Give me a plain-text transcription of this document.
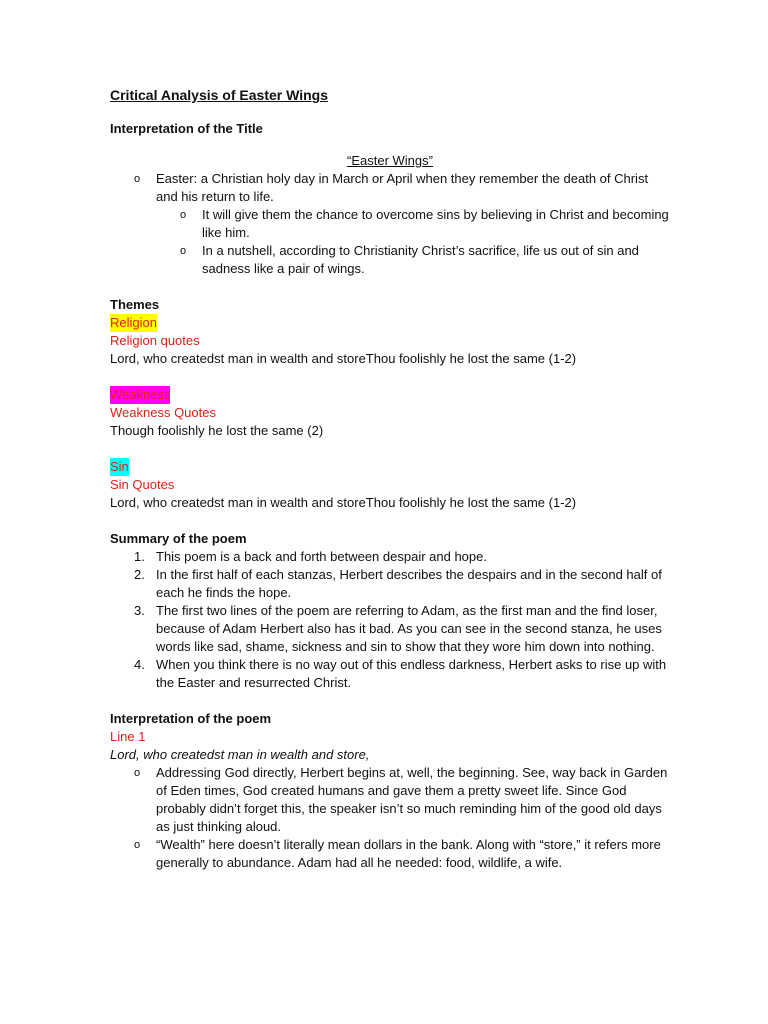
Critical Analysis of Easter Wings
Interpretation of the Title
“Easter Wings”
o Easter: a Christian holy day in March or April when they remember the death of Christ and his return to life.
o It will give them the chance to overcome sins by believing in Christ and becoming like him.
o In a nutshell, according to Christianity Christ’s sacrifice, life us out of sin and sadness like a pair of wings.
Themes
Religion
Religion quotes
Lord, who createdst man in wealth and storeThou foolishly he lost the same (1-2)
Weakness
Weakness Quotes
Though foolishly he lost the same (2)
Sin
Sin Quotes
Lord, who createdst man in wealth and storeThou foolishly he lost the same (1-2)
Summary of the poem
1. This poem is a back and forth between despair and hope.
2. In the first half of each stanzas, Herbert describes the despairs and in the second half of each he finds the hope.
3. The first two lines of the poem are referring to Adam, as the first man and the find loser, because of Adam Herbert also has it bad. As you can see in the second stanza, he uses words like sad, shame, sickness and sin to show that they wore him down into nothing.
4. When you think there is no way out of this endless darkness, Herbert asks to rise up with the Easter and resurrected Christ.
Interpretation of the poem
Line 1
Lord, who createdst man in wealth and store,
o Addressing God directly, Herbert begins at, well, the beginning. See, way back in Garden of Eden times, God created humans and gave them a pretty sweet life. Since God probably didn’t forget this, the speaker isn’t so much reminding him of the good old days as just thinking aloud.
o “Wealth” here doesn’t literally mean dollars in the bank. Along with “store,” it refers more generally to abundance. Adam had all he needed: food, wildlife, a wife.
